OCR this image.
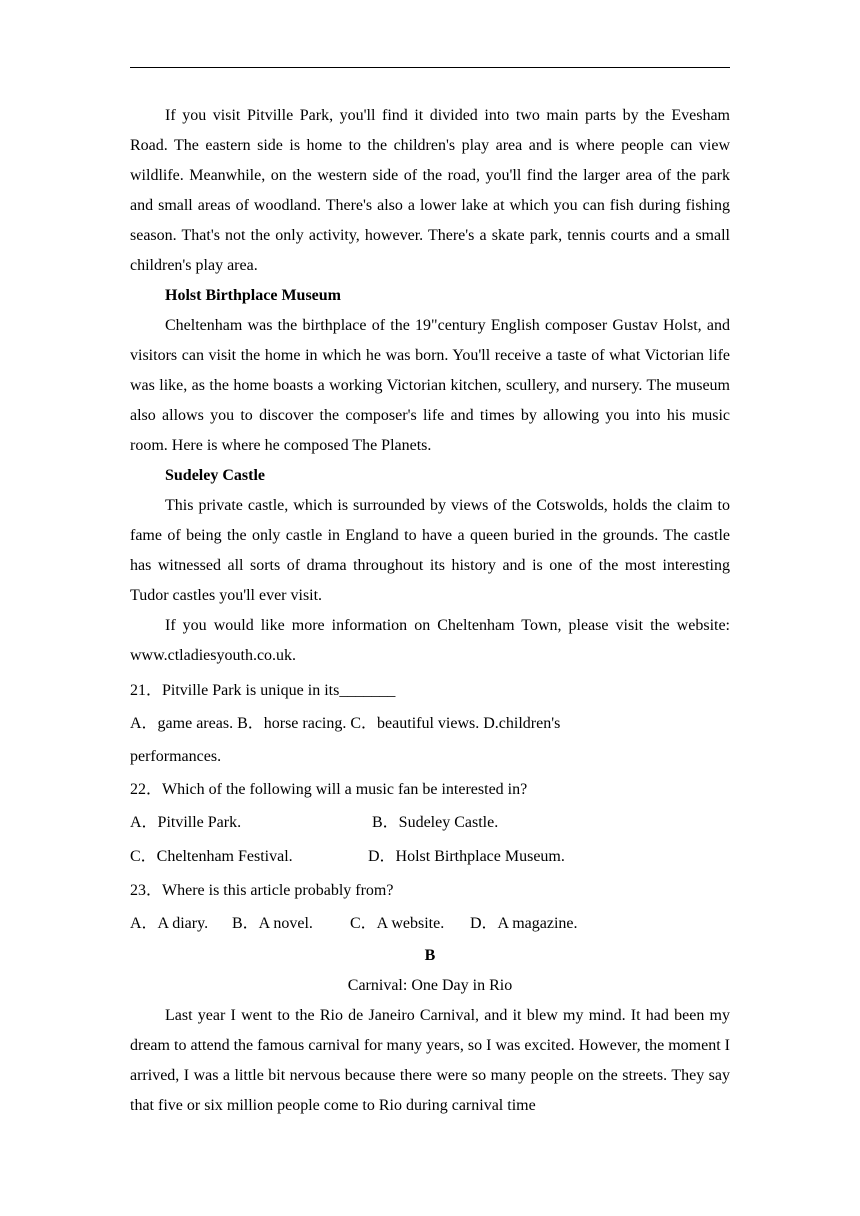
If you visit Pitville Park, you'll find it divided into two main parts by the Evesham Road. The eastern side is home to the children's play area and is where people can view wildlife. Meanwhile, on the western side of the road, you'll find the larger area of the park and small areas of woodland. There's also a lower lake at which you can fish during fishing season. That's not the only activity, however. There's a skate park, tennis courts and a small children's play area.

Holst Birthplace Museum

Cheltenham was the birthplace of the 19"century English composer Gustav Holst, and visitors can visit the home in which he was born. You'll receive a taste of what Victorian life was like, as the home boasts a working Victorian kitchen, scullery, and nursery. The museum also allows you to discover the composer's life and times by allowing you into his music room. Here is where he composed The Planets.

Sudeley Castle

This private castle, which is surrounded by views of the Cotswolds, holds the claim to fame of being the only castle in England to have a queen buried in the grounds. The castle has witnessed all sorts of drama throughout its history and is one of the most interesting Tudor castles you'll ever visit.

If you would like more information on Cheltenham Town, please visit the website: www.ctladiesyouth.co.uk.

21．Pitville Park is unique in its_______

A．game areas. B．horse racing. C．beautiful views. D.children's performances.

22．Which of the following will a music fan be interested in?

A．Pitville Park.	B．Sudeley Castle.
C．Cheltenham Festival.	D．Holst Birthplace Museum.

23．Where is this article probably from?

A．A diary. B．A novel. C．A website. D．A magazine.

B

Carnival: One Day in Rio

Last year I went to the Rio de Janeiro Carnival, and it blew my mind. It had been my dream to attend the famous carnival for many years, so I was excited. However, the moment I arrived, I was a little bit nervous because there were so many people on the streets. They say that five or six million people come to Rio during carnival time
